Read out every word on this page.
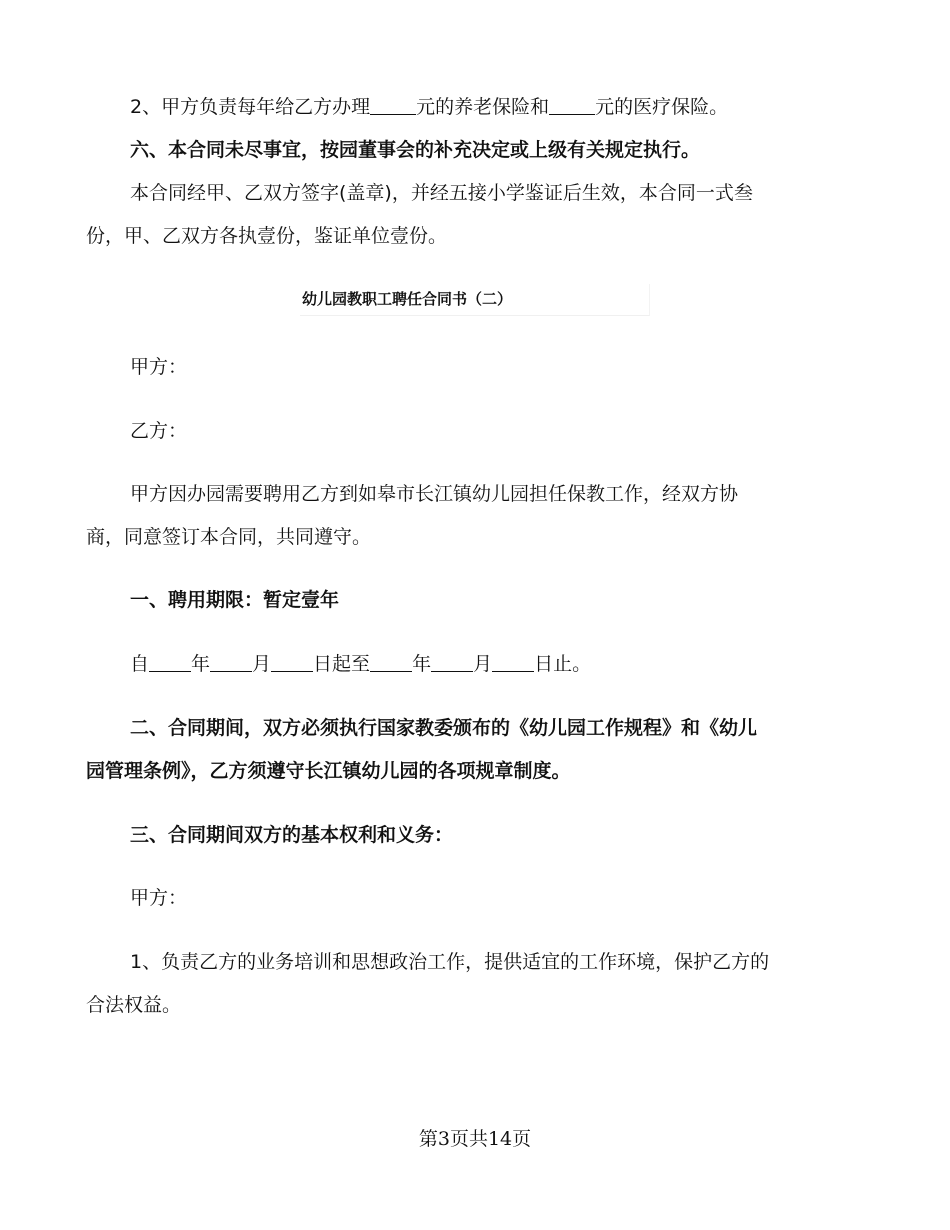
2、甲方负责每年给乙方办理 元的养老保险和 元的医疗保险。
六、本合同未尽事宜，按园董事会的补充决定或上级有关规定执行。
本合同经甲、乙双方签字(盖章)，并经五接小学鉴证后生效，本合同一式叁
份，甲、乙双方各执壹份，鉴证单位壹份。
幼儿园教职工聘任合同书（二）
甲方：
乙方：
甲方因办园需要聘用乙方到如皋市长江镇幼儿园担任保教工作，经双方协
商，同意签订本合同，共同遵守。
一、聘用期限：暂定壹年
自 年 月 日起至 年 月 日止。
二、合同期间，双方必须执行国家教委颁布的《幼儿园工作规程》和《幼儿
园管理条例》，乙方须遵守长江镇幼儿园的各项规章制度。
三、合同期间双方的基本权利和义务：
甲方：
1、负责乙方的业务培训和思想政治工作，提供适宜的工作环境，保护乙方的
合法权益。
第3页共14页
